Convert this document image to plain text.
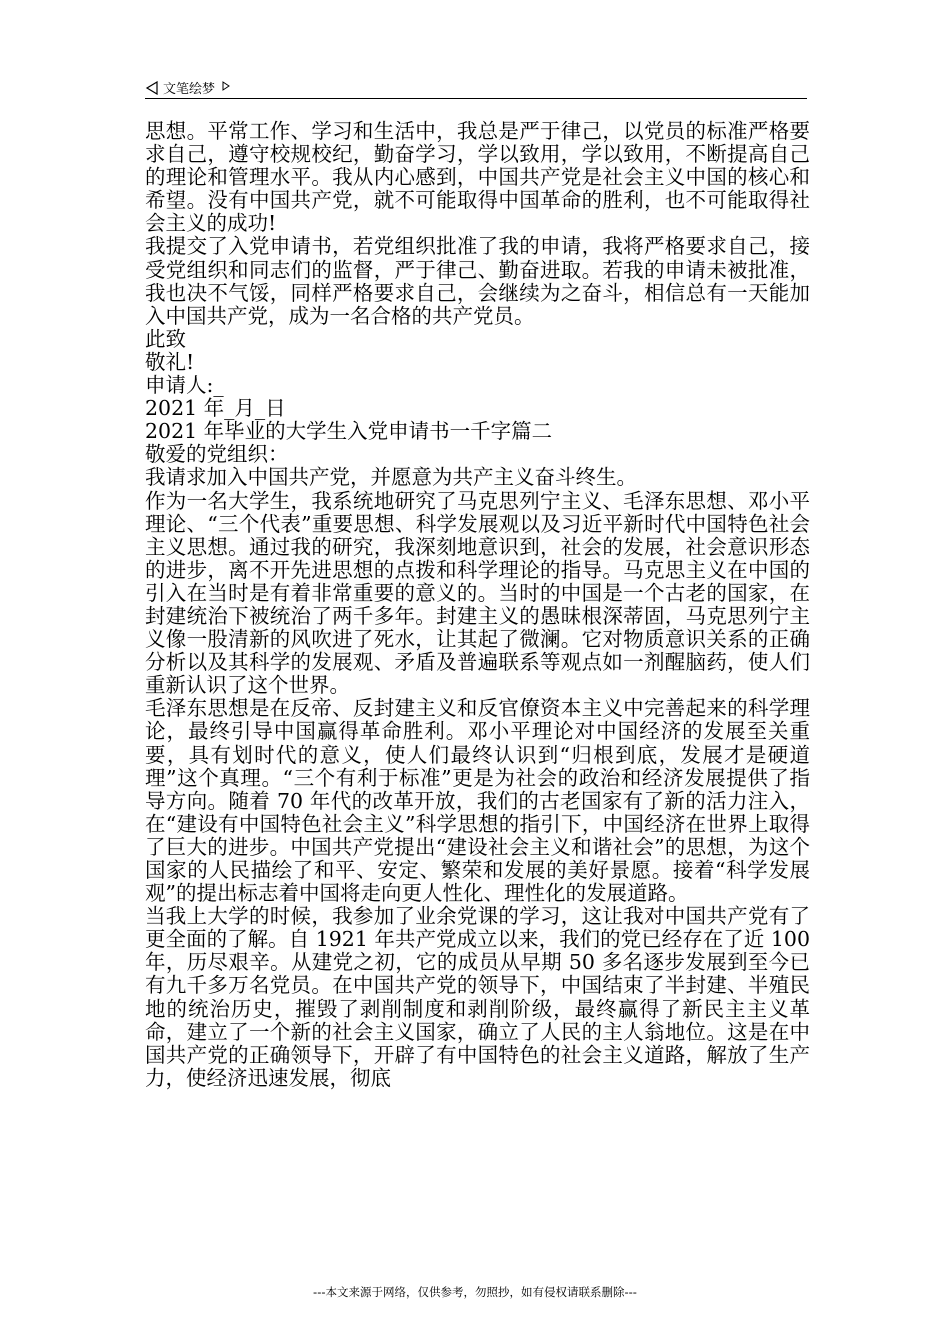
文笔绘梦

思想。平常工作、学习和生活中，我总是严于律己，以党员的标准严格要求自己，遵守校规校纪，勤奋学习，学以致用，学以致用，不断提高自己的理论和管理水平。我从内心感到，中国共产党是社会主义中国的核心和希望。没有中国共产党，就不可能取得中国革命的胜利，也不可能取得社会主义的成功!

我提交了入党申请书，若党组织批准了我的申请，我将严格要求自己，接受党组织和同志们的监督，严于律己、勤奋进取。若我的申请未被批准，我也决不气馁，同样严格要求自己，会继续为之奋斗，相信总有一天能加入中国共产党，成为一名合格的共产党员。

此致

敬礼!

申请人:_

2021 年_月_日

2021 年毕业的大学生入党申请书一千字篇二

敬爱的党组织：

我请求加入中国共产党，并愿意为共产主义奋斗终生。

作为一名大学生，我系统地研究了马克思列宁主义、毛泽东思想、邓小平理论、“三个代表”重要思想、科学发展观以及习近平新时代中国特色社会主义思想。通过我的研究，我深刻地意识到，社会的发展，社会意识形态的进步，离不开先进思想的点拨和科学理论的指导。马克思主义在中国的引入在当时是有着非常重要的意义的。当时的中国是一个古老的国家，在封建统治下被统治了两千多年。封建主义的愚昧根深蒂固，马克思列宁主义像一股清新的风吹进了死水，让其起了微澜。它对物质意识关系的正确分析以及其科学的发展观、矛盾及普遍联系等观点如一剂醒脑药，使人们重新认识了这个世界。

毛泽东思想是在反帝、反封建主义和反官僚资本主义中完善起来的科学理论，最终引导中国赢得革命胜利。邓小平理论对中国经济的发展至关重要，具有划时代的意义，使人们最终认识到“归根到底，发展才是硬道理”这个真理。“三个有利于标准”更是为社会的政治和经济发展提供了指导方向。随着 70 年代的改革开放，我们的古老国家有了新的活力注入，在“建设有中国特色社会主义”科学思想的指引下，中国经济在世界上取得了巨大的进步。中国共产党提出“建设社会主义和谐社会”的思想，为这个国家的人民描绘了和平、安定、繁荣和发展的美好景愿。接着“科学发展观”的提出标志着中国将走向更人性化、理性化的发展道路。

当我上大学的时候，我参加了业余党课的学习，这让我对中国共产党有了更全面的了解。自 1921 年共产党成立以来，我们的党已经存在了近 100 年，历尽艰辛。从建党之初，它的成员从早期 50 多名逐步发展到至今已有九千多万名党员。在中国共产党的领导下，中国结束了半封建、半殖民地的统治历史，摧毁了剥削制度和剥削阶级，最终赢得了新民主主义革命，建立了一个新的社会主义国家，确立了人民的主人翁地位。这是在中国共产党的正确领导下，开辟了有中国特色的社会主义道路，解放了生产力，使经济迅速发展，彻底

---本文来源于网络，仅供参考，勿照抄，如有侵权请联系删除---
